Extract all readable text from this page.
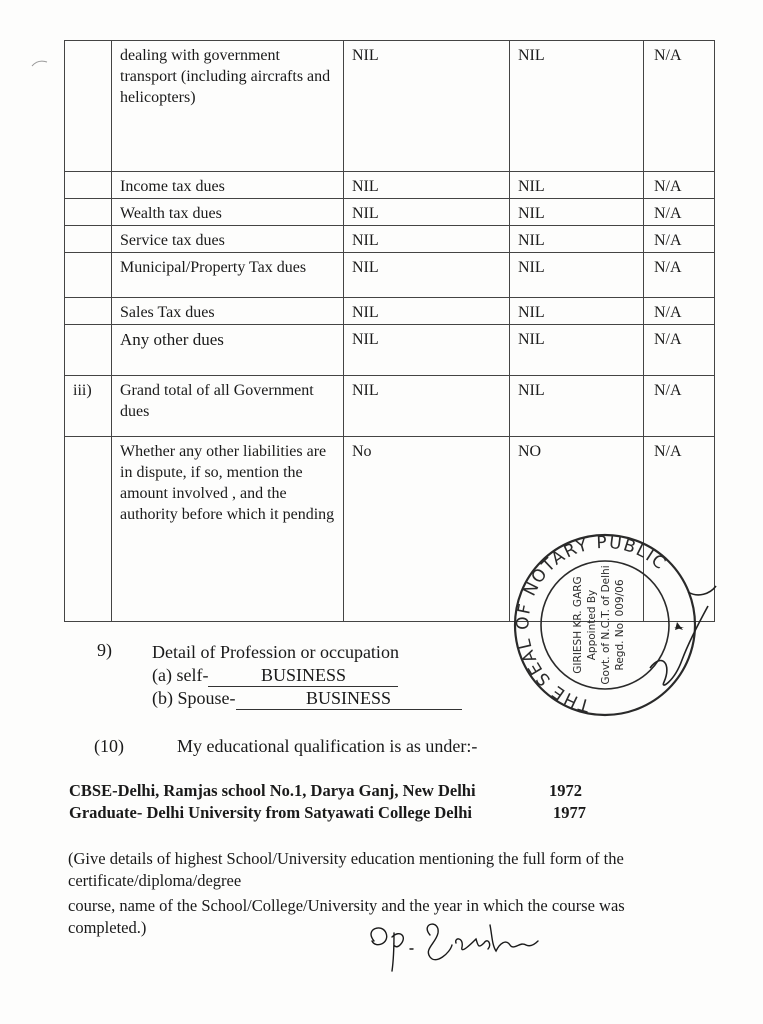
	dealing with government transport (including aircrafts and helicopters)	NIL	NIL	N/A
	Income tax dues	NIL	NIL	N/A
	Wealth tax dues	NIL	NIL	N/A
	Service tax dues	NIL	NIL	N/A
	Municipal/Property Tax dues	NIL	NIL	N/A
	Sales Tax dues	NIL	NIL	N/A
	Any other dues	NIL	NIL	N/A
iii)	Grand total of all Government dues	NIL	NIL	N/A
	Whether any other liabilities are in dispute, if so, mention the amount involved , and the authority before which it pending	No	NO	N/A
9) Detail of Profession or occupation
(a) self-	BUSINESS
(b) Spouse-	BUSINESS
(10)	My educational qualification is as under:-
CBSE-Delhi, Ramjas school No.1, Darya Ganj, New Delhi	1972
Graduate- Delhi University from Satyawati College Delhi	1977
(Give details of highest School/University education mentioning the full form of the
certificate/diploma/degree
course, name of the School/College/University and the year in which the course was
completed.)
THE SEAL OF NOTARY PUBLIC
GIRIESH KR. GARG Appointed By Govt. of N.C.T. of Delhi Regd. No. 009/06
